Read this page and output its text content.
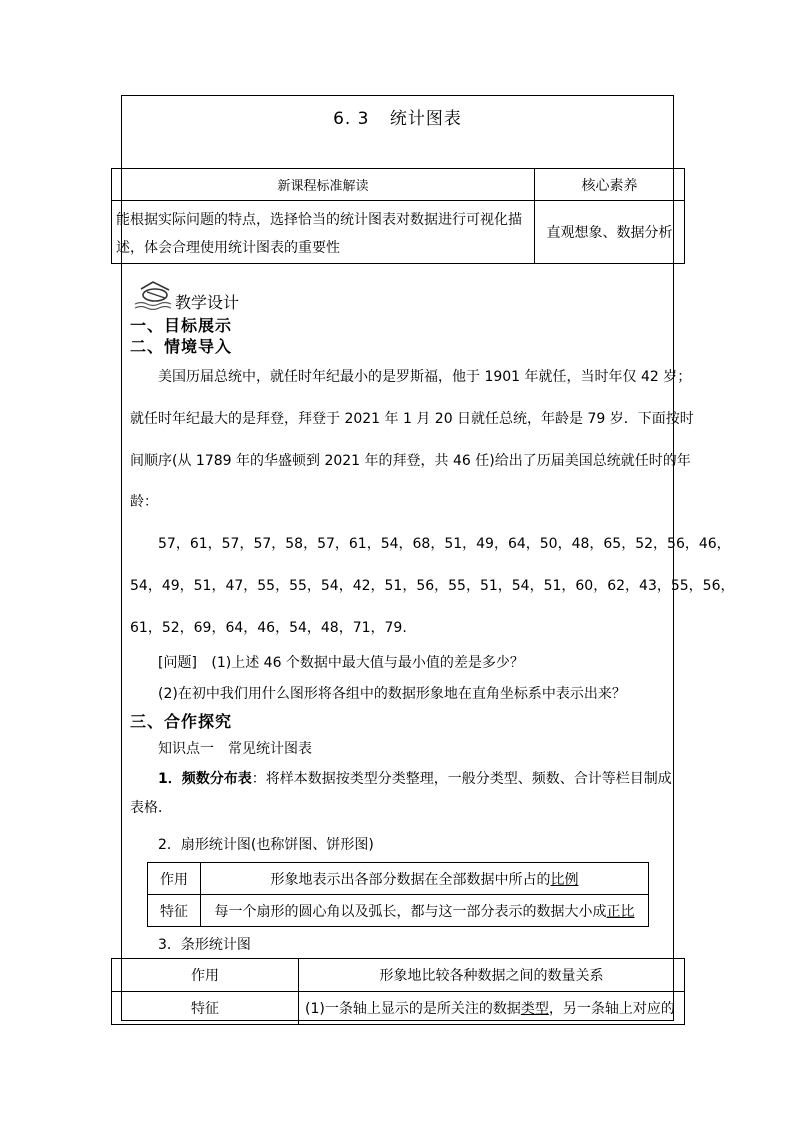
6. 3 统计图表
新课程标准解读	核心素养

能根据实际问题的特点，选择恰当的统计图表对数据进行可视化描
述，体会合理使用统计图表的重要性	直观想象、数据分析
教学设计
一、目标展示
二、情境导入
美国历届总统中，就任时年纪最小的是罗斯福，他于 1901 年就任，当时年仅 42 岁；
就任时年纪最大的是拜登，拜登于 2021 年 1 月 20 日就任总统，年龄是 79 岁．下面按时
间顺序(从 1789 年的华盛顿到 2021 年的拜登，共 46 任)给出了历届美国总统就任时的年
龄：
57，61，57，57，58，57，61，54，68，51，49，64，50，48，65，52，56，46，
54，49，51，47，55，55，54，42，51，56，55，51，54，51，60，62，43，55，56，
61，52，69，64，46，54，48，71，79.
[问题] (1)上述 46 个数据中最大值与最小值的差是多少？
(2)在初中我们用什么图形将各组中的数据形象地在直角坐标系中表示出来？
三、合作探究
知识点一　常见统计图表
1．频数分布表：将样本数据按类型分类整理，一般分类型、频数、合计等栏目制成
表格．
2．扇形统计图(也称饼图、饼形图)
作用	形象地表示出各部分数据在全部数据中所占的比例
特征	每一个扇形的圆心角以及弧长，都与这一部分表示的数据大小成正比
3．条形统计图
作用	形象地比较各种数据之间的数量关系
特征	(1)一条轴上显示的是所关注的数据类型，另一条轴上对应的
